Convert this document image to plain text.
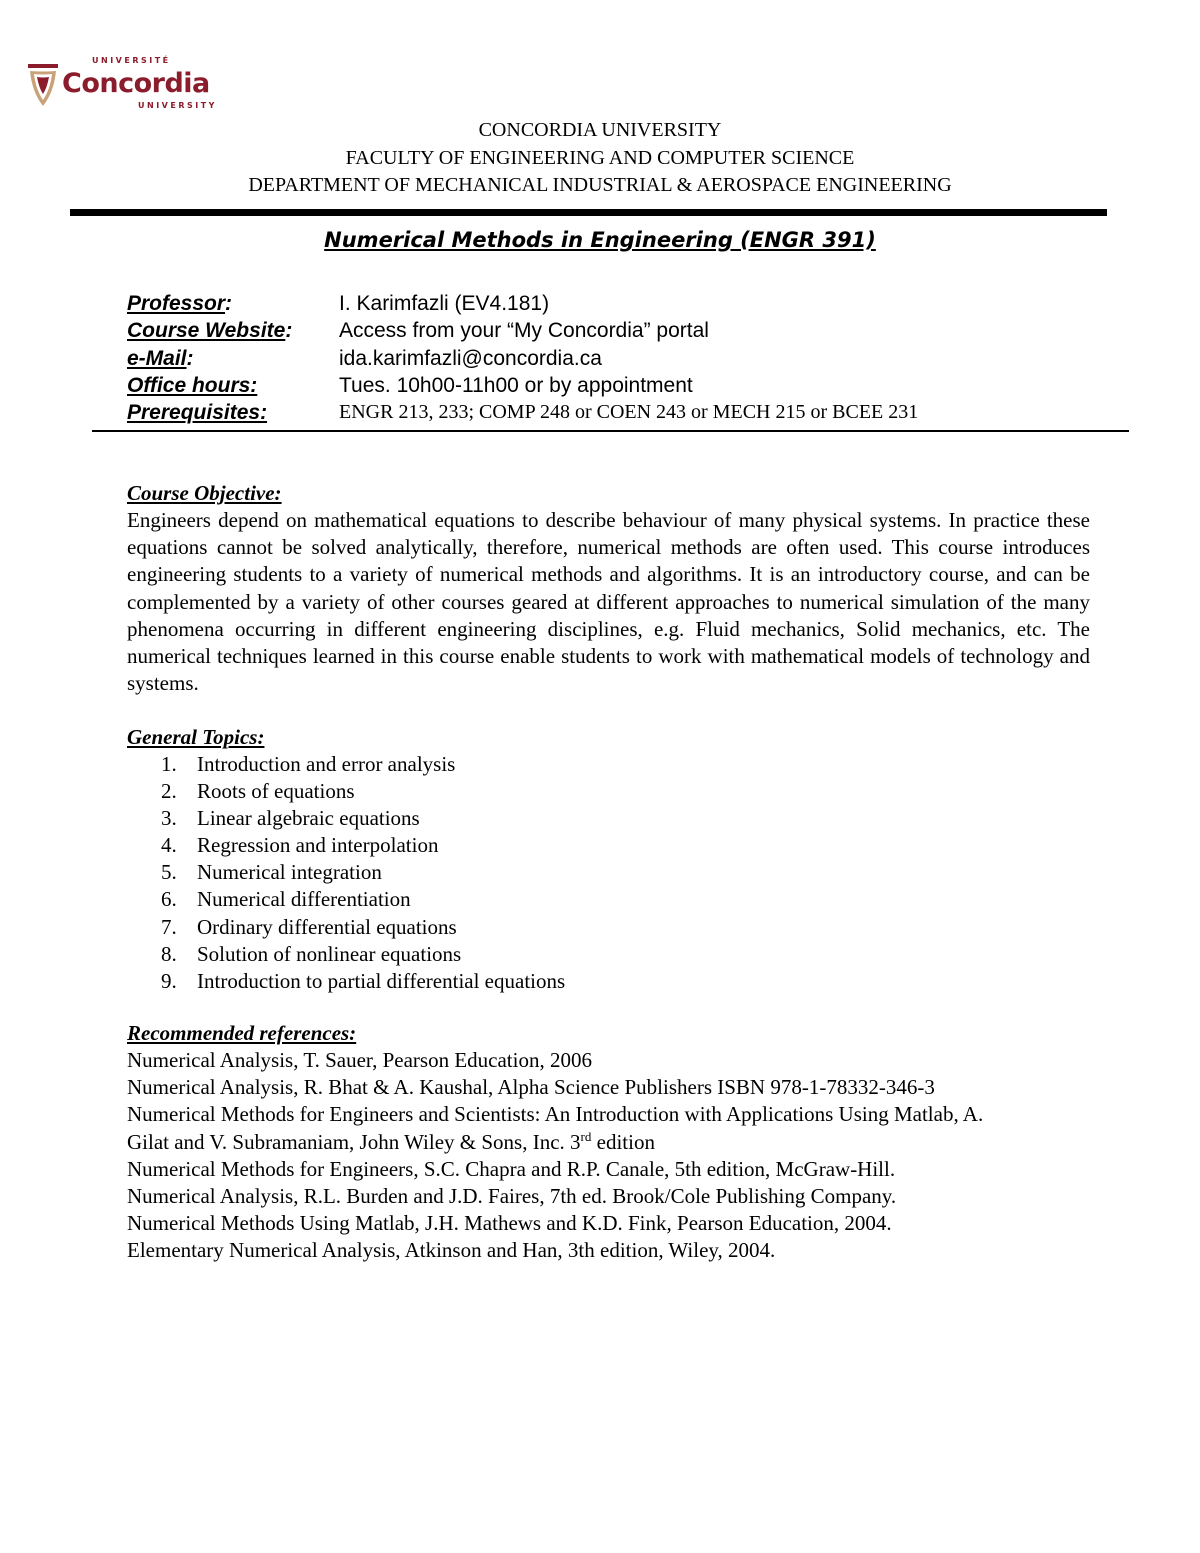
UNIVERSITÉ
Concordia
UNIVERSITY
CONCORDIA UNIVERSITY
FACULTY OF ENGINEERING AND COMPUTER SCIENCE
DEPARTMENT OF MECHANICAL INDUSTRIAL & AEROSPACE ENGINEERING
Numerical Methods in Engineering (ENGR 391)
Professor:	I. Karimfazli (EV4.181)
Course Website: Access from your “My Concordia” portal
e-Mail:	ida.karimfazli@concordia.ca
Office hours:	Tues. 10h00-11h00 or by appointment
Prerequisites:	ENGR 213, 233; COMP 248 or COEN 243 or MECH 215 or BCEE 231
Course Objective:

Engineers depend on mathematical equations to describe behaviour of many physical systems. In practice these equations cannot be solved analytically, therefore, numerical methods are often used. This course introduces engineering students to a variety of numerical methods and algorithms. It is an introductory course, and can be complemented by a variety of other courses geared at different approaches to numerical simulation of the many phenomena occurring in different engineering disciplines, e.g. Fluid mechanics, Solid mechanics, etc. The numerical techniques learned in this course enable students to work with mathematical models of technology and systems.

General Topics:
1. Introduction and error analysis
2. Roots of equations
3. Linear algebraic equations
4. Regression and interpolation
5. Numerical integration
6. Numerical differentiation
7. Ordinary differential equations
8. Solution of nonlinear equations
9. Introduction to partial differential equations
Recommended references:
Numerical Analysis, T. Sauer, Pearson Education, 2006
Numerical Analysis, R. Bhat & A. Kaushal, Alpha Science Publishers ISBN 978-1-78332-346-3
Numerical Methods for Engineers and Scientists: An Introduction with Applications Using Matlab, A.
Gilat and V. Subramaniam, John Wiley & Sons, Inc. 3rd edition
Numerical Methods for Engineers, S.C. Chapra and R.P. Canale, 5th edition, McGraw-Hill.
Numerical Analysis, R.L. Burden and J.D. Faires, 7th ed. Brook/Cole Publishing Company.
Numerical Methods Using Matlab, J.H. Mathews and K.D. Fink, Pearson Education, 2004.
Elementary Numerical Analysis, Atkinson and Han, 3th edition, Wiley, 2004.
